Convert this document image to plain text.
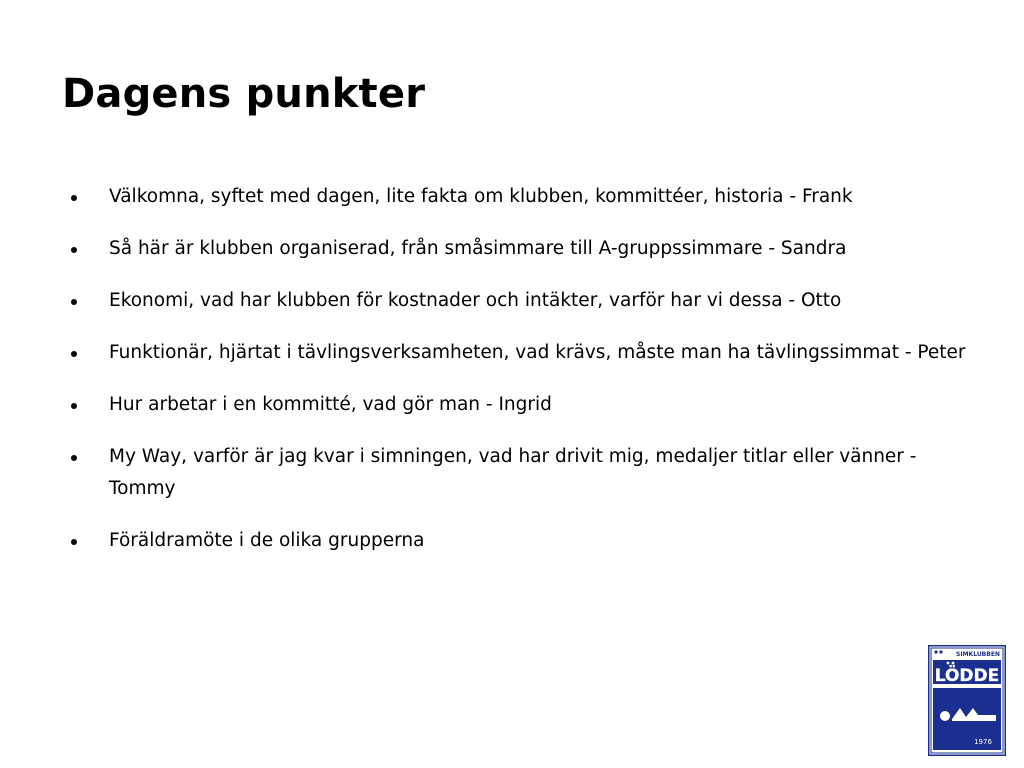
Dagens punkter
Välkomna, syftet med dagen, lite fakta om klubben, kommittéer, historia - Frank
Så här är klubben organiserad, från småsimmare till A-gruppssimmare - Sandra
Ekonomi, vad har klubben för kostnader och intäkter, varför har vi dessa - Otto
Funktionär, hjärtat i tävlingsverksamheten, vad krävs, måste man ha tävlingssimmat - Peter
Hur arbetar i en kommitté, vad gör man - Ingrid
My Way, varför är jag kvar i simningen, vad har drivit mig, medaljer titlar eller vänner - Tommy
Föräldramöte i de olika grupperna
SIMKLUBBEN
LÖDDE
1976
